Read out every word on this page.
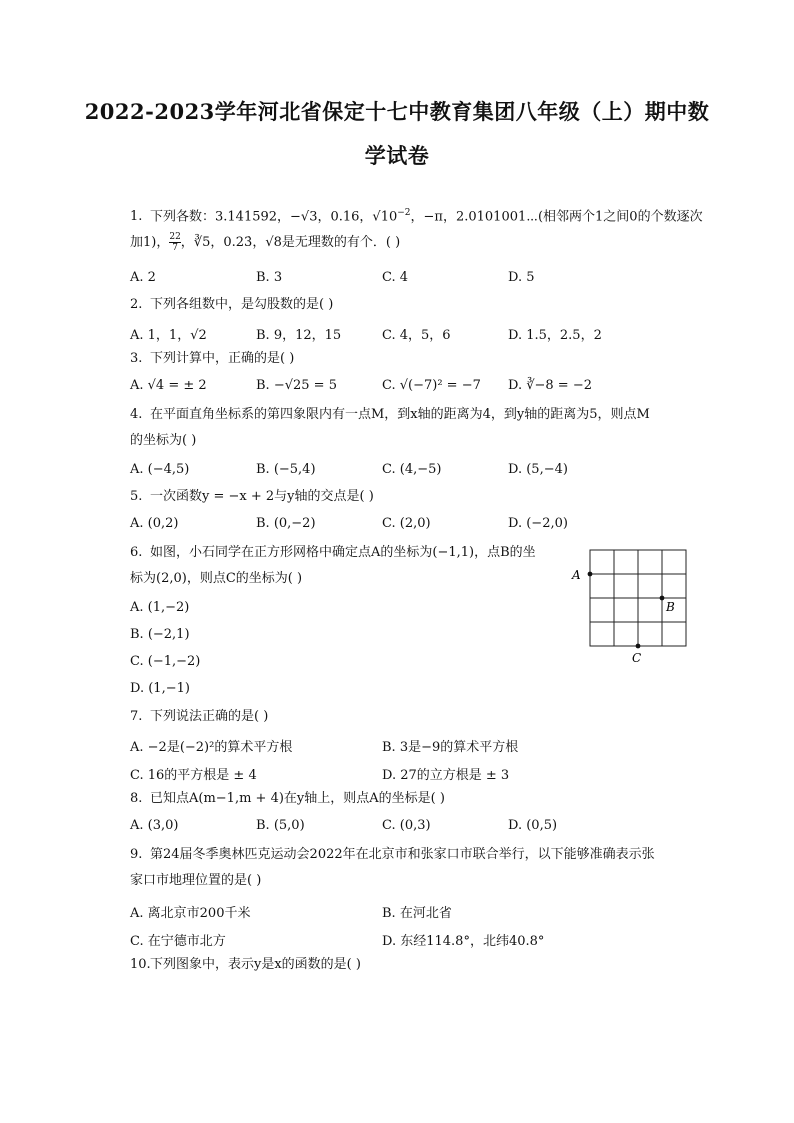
2022-2023学年河北省保定十七中教育集团八年级（上）期中数
学试卷
1. 下列各数：3.141592，−√3，0.16，$√10^{-2}$，−π，2.0101001⋯(相邻两个1之间0的个数逐次
加1)， $\frac{22}{7}$ ，∛5，0.23̇，√8是无理数的有个．( )
A. 2	B. 3	C. 4	D. 5
2. 下列各组数中，是勾股数的是( )
A. 1，1，√2	B. 9，12，15	C. 4，5，6	D. 1.5，2.5，2
3. 下列计算中，正确的是( )
A. √4 = ± 2	B. −√25 = 5	C. √(−7)² = −7 D. ∛−8 = −2
4. 在平面直角坐标系的第四象限内有一点M，到x轴的距离为4，到y轴的距离为5，则点M
的坐标为( )
A. (−4,5)	B. (−5,4)	C. (4,−5)	D. (5,−4)
5. 一次函数y = −x + 2与y轴的交点是( )
A. (0,2)	B. (0,−2)	C. (2,0)	D. (−2,0)
6. 如图，小石同学在正方形网格中确定点A的坐标为(−1,1)，点B的坐
标为(2,0)，则点C的坐标为( )
A. (1,−2)
B. (−2,1)
C. (−1,−2)
D. (1,−1)
A
B
C
7. 下列说法正确的是( )
A. −2是(−2)²的算术平方根	B. 3是−9的算术平方根
C. 16的平方根是 ± 4	D. 27的立方根是 ± 3
8. 已知点A(m−1,m + 4)在y轴上，则点A的坐标是( )
A. (3,0)	B. (5,0)	C. (0,3)	D. (0,5)
9. 第24届冬季奥林匹克运动会2022年在北京市和张家口市联合举行，以下能够准确表示张
家口市地理位置的是( )
A. 离北京市200千米	B. 在河北省
C. 在宁德市北方	D. 东经114.8°，北纬40.8°
10.下列图象中，表示y是x的函数的是( )
